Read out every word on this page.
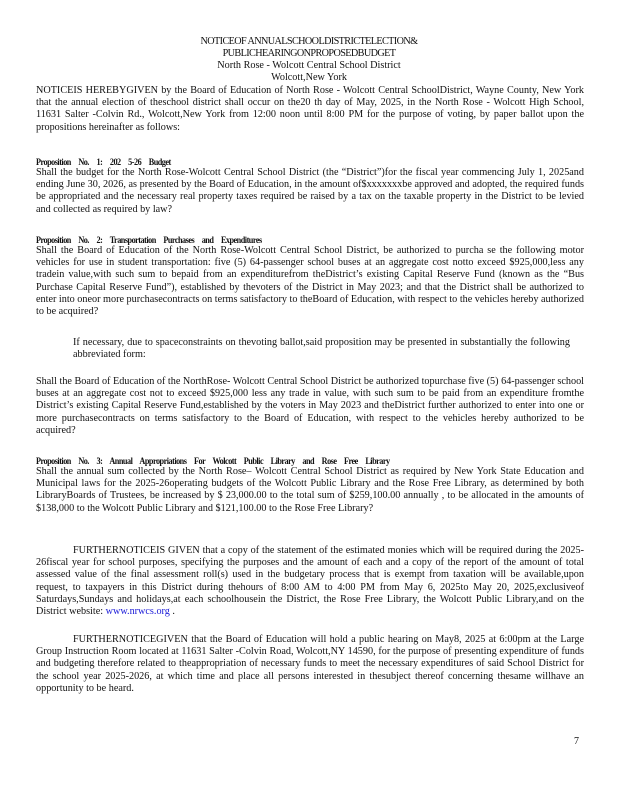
NOTICEOF ANNUALSCHOOLDISTRICTELECTION&
PUBLICHEARINGONPROPOSEDBUDGET
North Rose - Wolcott Central School District
Wolcott,New York
NOTICEIS HEREBYGIVEN by the Board of Education of North Rose - Wolcott Central SchoolDistrict, Wayne County, New York that the annual election of theschool district shall occur on the20 th day of May, 2025, in the North Rose - Wolcott High School, 11631 Salter -Colvin Rd., Wolcott,New York from 12:00 noon until 8:00 PM for the purpose of voting, by paper ballot upon the propositions hereinafter as follows:
Proposition No. 1: 202 5-26 Budget
Shall the budget for the North Rose-Wolcott Central School District (the “District”)for the fiscal year commencing July 1, 2025and ending June 30, 2026, as presented by the Board of Education, in the amount of$xxxxxxxbe approved and adopted, the required funds be appropriated and the necessary real property taxes required be raised by a tax on the taxable property in the District to be levied and collected as required by law?
Proposition No. 2: Transportation Purchases and Expenditures
Shall the Board of Education of the North Rose-Wolcott Central School District, be authorized to purcha se the following motor vehicles for use in student transportation: five (5) 64-passenger school buses at an aggregate cost notto exceed $925,000,less any tradein value,with such sum to bepaid from an expenditurefrom theDistrict’s existing Capital Reserve Fund (known as the “Bus Purchase Capital Reserve Fund”), established by thevoters of the District in May 2023; and that the District shall be authorized to enter into oneor more purchasecontracts on terms satisfactory to theBoard of Education, with respect to the vehicles hereby authorized to be acquired?
If necessary, due to spaceconstraints on thevoting ballot,said proposition may be presented in substantially the following abbreviated form:
Shall the Board of Education of the NorthRose- Wolcott Central School District be authorized topurchase five (5) 64-passenger school buses at an aggregate cost not to exceed $925,000 less any trade in value, with such sum to be paid from an expenditure fromthe District’s existing Capital Reserve Fund,established by the voters in May 2023 and theDistrict further authorized to enter into one or more purchasecontracts on terms satisfactory to the Board of Education, with respect to the vehicles hereby authorized to be acquired?
Proposition No. 3: Annual Appropriations For Wolcott Public Library and Rose Free Library
Shall the annual sum collected by the North Rose– Wolcott Central School District as required by New York State Education and Municipal laws for the 2025-26operating budgets of the Wolcott Public Library and the Rose Free Library, as determined by both LibraryBoards of Trustees, be increased by $ 23,000.00 to the total sum of $259,100.00 annually , to be allocated in the amounts of $138,000 to the Wolcott Public Library and $121,100.00 to the Rose Free Library?
FURTHERNOTICEIS GIVEN that a copy of the statement of the estimated monies which will be required during the 2025-26fiscal year for school purposes, specifying the purposes and the amount of each and a copy of the report of the amount of total assessed value of the final assessment roll(s) used in the budgetary process that is exempt from taxation will be available,upon request, to taxpayers in this District during thehours of 8:00 AM to 4:00 PM from May 6, 2025to May 20, 2025,exclusiveof Saturdays,Sundays and holidays,at each schoolhousein the District, the Rose Free Library, the Wolcott Public Library,and on the District website: www.nrwcs.org .
FURTHERNOTICEGIVEN that the Board of Education will hold a public hearing on May8, 2025 at 6:00pm at the Large Group Instruction Room located at 11631 Salter -Colvin Road, Wolcott,NY 14590, for the purpose of presenting expenditure of funds and budgeting therefore related to theappropriation of necessary funds to meet the necessary expenditures of said School District for the school year 2025-2026, at which time and place all persons interested in thesubject thereof concerning thesame willhave an opportunity to be heard.
7
